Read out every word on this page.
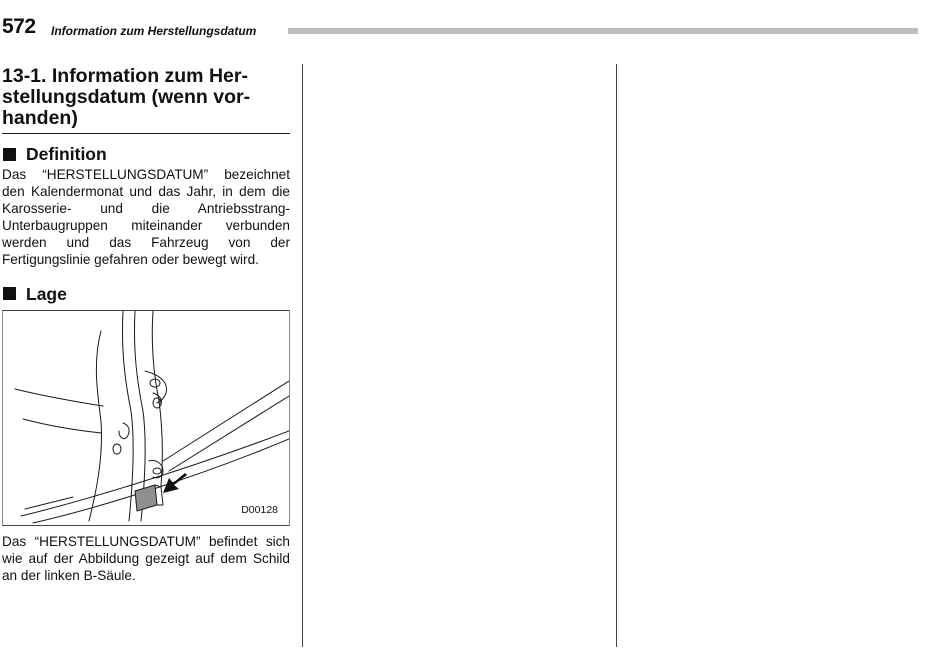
572 Information zum Herstellungsdatum
13-1. Information zum Her-stellungsdatum (wenn vor-handen)
Definition

Das “HERSTELLUNGSDATUM” bezeichnet den Kalendermonat und das Jahr, in dem die Karosserie- und die Antriebsstrang-Unterbaugruppen miteinander verbunden werden und das Fahrzeug von der Fertigungslinie gefahren oder bewegt wird.

Lage
D00128

Das “HERSTELLUNGSDATUM” befindet sich wie auf der Abbildung gezeigt auf dem Schild an der linken B-Säule.
